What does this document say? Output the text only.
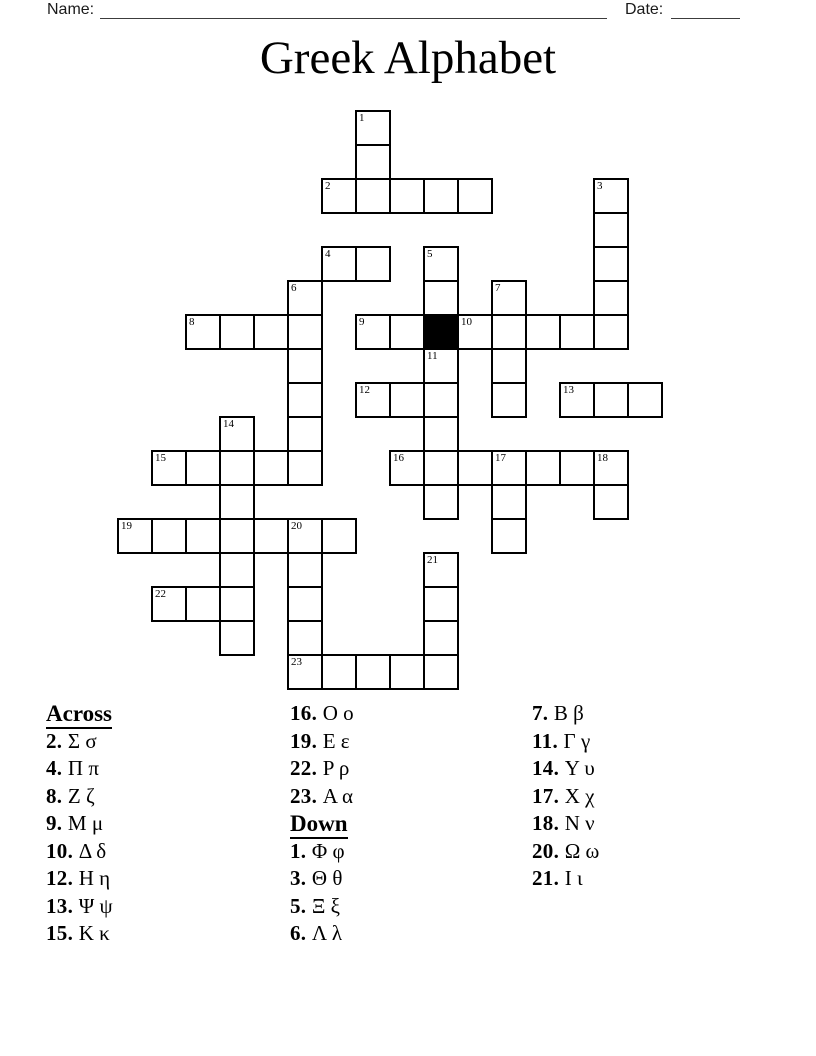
Name:	Date:
Greek Alphabet
1
2	3
4	5
6	7
8	9	10
11
12	13
14
15	16	17	18
19	20
21
22
23
Across
2. Σ σ
4. Π π
8. Z ζ
9. M μ
10. Δ δ
12. H η
13. Ψ ψ
15. K κ
16. O o
19. E ε
22. P ρ
23. A α
Down
1. Φ φ
3. Θ θ
5. Ξ ξ
6. Λ λ
7. B β
11. Γ γ
14. Y υ
17. X χ
18. N ν
20. Ω ω
21. I ι
